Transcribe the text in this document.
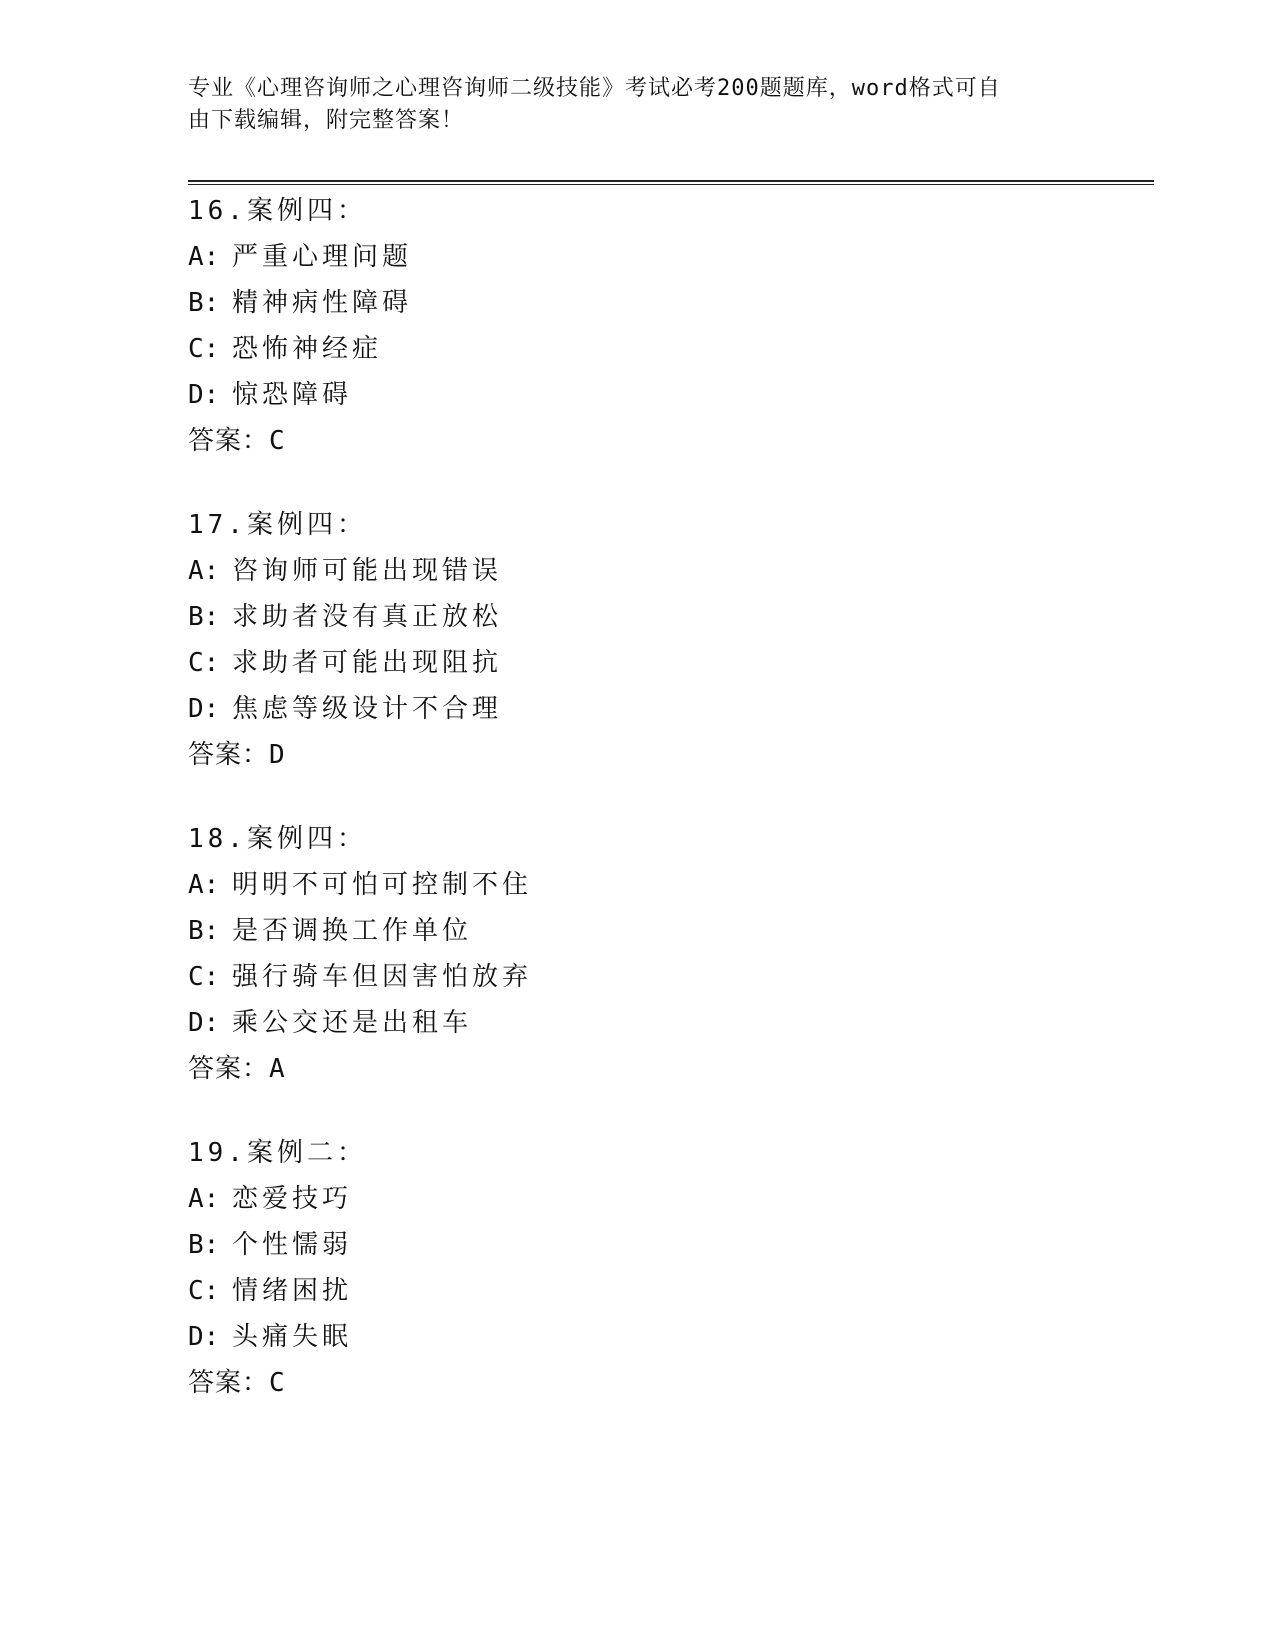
专业《心理咨询师之心理咨询师二级技能》考试必考200题题库，word格式可自
由下载编辑，附完整答案！
16.案例四：
A: 严重心理问题
B: 精神病性障碍
C: 恐怖神经症
D: 惊恐障碍
答案：C
17.案例四：
A: 咨询师可能出现错误
B: 求助者没有真正放松
C: 求助者可能出现阻抗
D: 焦虑等级设计不合理
答案：D
18.案例四：
A: 明明不可怕可控制不住
B: 是否调换工作单位
C: 强行骑车但因害怕放弃
D: 乘公交还是出租车
答案：A
19.案例二：
A: 恋爱技巧
B: 个性懦弱
C: 情绪困扰
D: 头痛失眠
答案：C
